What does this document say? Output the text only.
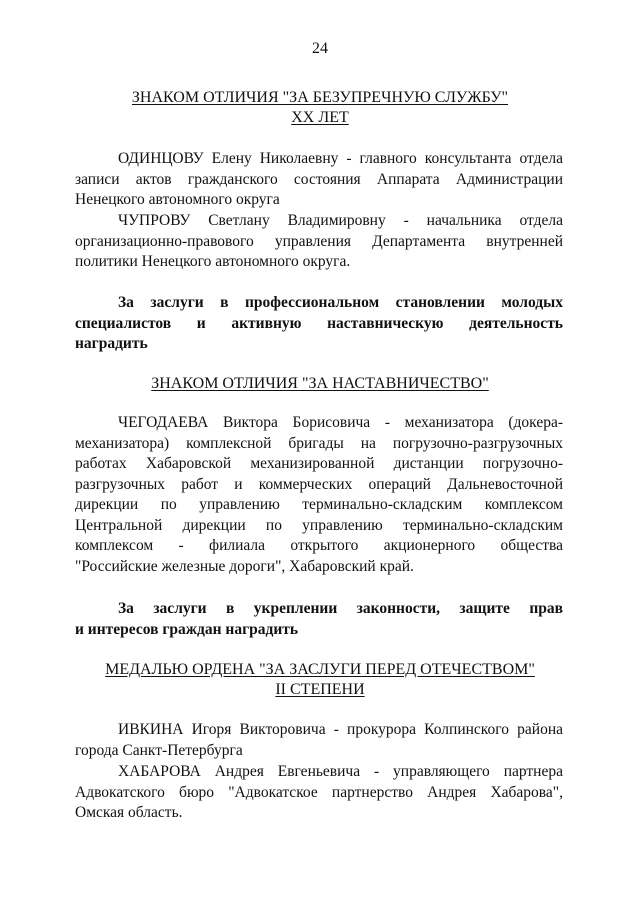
24
ЗНАКОМ ОТЛИЧИЯ "ЗА БЕЗУПРЕЧНУЮ СЛУЖБУ"
XX ЛЕТ
ОДИНЦОВУ Елену Николаевну - главного консультанта отдела
записи актов гражданского состояния Аппарата Администрации
Ненецкого автономного округа
ЧУПРОВУ Светлану Владимировну - начальника отдела
организационно-правового управления Департамента внутренней
политики Ненецкого автономного округа.
За заслуги в профессиональном становлении молодых
специалистов и активную наставническую деятельность
наградить
ЗНАКОМ ОТЛИЧИЯ "ЗА НАСТАВНИЧЕСТВО"
ЧЕГОДАЕВА Виктора Борисовича - механизатора (докера-
механизатора) комплексной бригады на погрузочно-разгрузочных
работах Хабаровской механизированной дистанции погрузочно-
разгрузочных работ и коммерческих операций Дальневосточной
дирекции по управлению терминально-складским комплексом
Центральной дирекции по управлению терминально-складским
комплексом - филиала открытого акционерного общества
"Российские железные дороги", Хабаровский край.
За заслуги в укреплении законности, защите прав
и интересов граждан наградить
МЕДАЛЬЮ ОРДЕНА "ЗА ЗАСЛУГИ ПЕРЕД ОТЕЧЕСТВОМ"
II СТЕПЕНИ
ИВКИНА Игоря Викторовича - прокурора Колпинского района
города Санкт-Петербурга
ХАБАРОВА Андрея Евгеньевича - управляющего партнера
Адвокатского бюро "Адвокатское партнерство Андрея Хабарова",
Омская область.
